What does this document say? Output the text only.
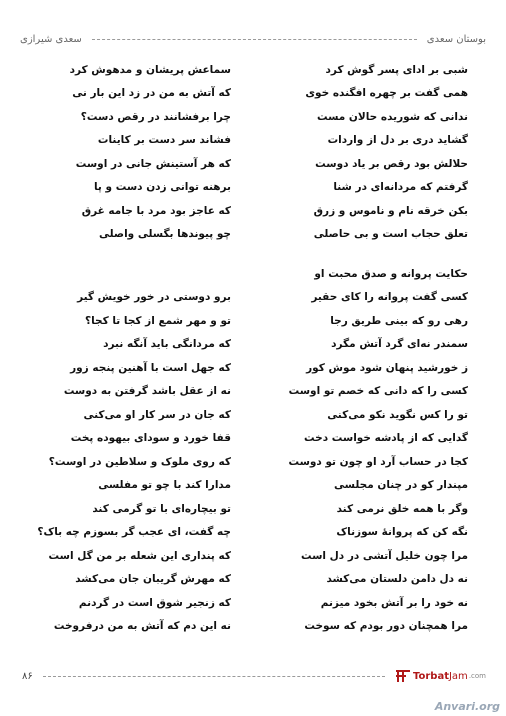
بوستان سعدی
سعدی شیرازی
شبی بر ادای پسر گوش کرد
سماعش پریشان و مدهوش کرد
همی گفت بر چهره افگنده خوی
که آتش به من در زد این بار نی
ندانی که شوریده حالان مست
چرا برفشانند در رقص دست؟
گشاید دری بر دل از واردات
فشاند سر دست بر کاینات
حلالش بود رقص بر یاد دوست
که هر آستینش جانی در اوست
گرفتم که مردانه‌ای در شنا
برهنه توانی زدن دست و پا
بکن خرقه نام و ناموس و زرق
که عاجز بود مرد با جامه غرق
تعلق حجاب است و بی حاصلی
چو پیوندها بگسلی واصلی
حکایت پروانه و صدق محبت او
کسی گفت پروانه را کای حقیر
برو دوستی در خور خویش گیر
رهی رو که بینی طریق رجا
تو و مهر شمع از کجا تا کجا؟
سمندر نه‌ای گرد آتش مگرد
که مردانگی باید آنگه نبرد
ز خورشید پنهان شود موش کور
که جهل است با آهنین پنجه زور
کسی را که دانی که خصم تو اوست
نه از عقل باشد گرفتن به دوست
تو را کس نگوید نکو می‌کنی
که جان در سر کار او می‌کنی
گدایی که از پادشه خواست دخت
قفا خورد و سودای بیهوده پخت
کجا در حساب آرد او چون تو دوست
که روی ملوک و سلاطین در اوست؟
مپندار کو در چنان مجلسی
مدارا کند با چو تو مفلسی
وگر با همه خلق نرمی کند
تو بیچاره‌ای با تو گرمی کند
نگه کن که پروانهٔ سوزناک
چه گفت، ای عجب گر بسوزم چه باک؟
مرا چون خلیل آتشی در دل است
که پنداری این شعله بر من گل است
نه دل دامن دلستان می‌کشد
که مهرش گریبان جان می‌کشد
نه خود را بر آتش بخود میزنم
که زنجیر شوق است در گردنم
مرا همچنان دور بودم که سوخت
نه این دم که آتش به من درفروخت
۸۶	Torbat Jam .com
Anvari.org
